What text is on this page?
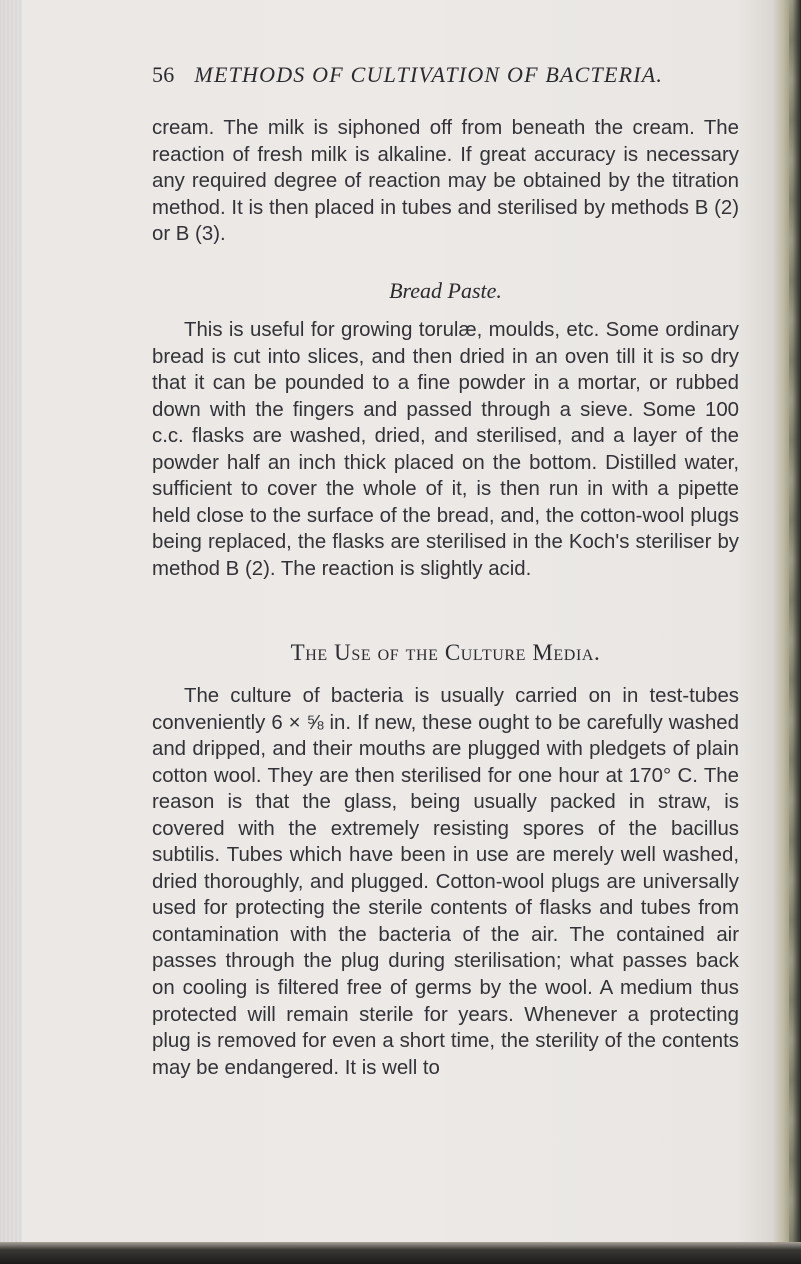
56 METHODS OF CULTIVATION OF BACTERIA.

cream. The milk is siphoned off from beneath the cream. The reaction of fresh milk is alkaline. If great accuracy is necessary any required degree of reaction may be obtained by the titration method. It is then placed in tubes and sterilised by methods B (2) or B (3).

Bread Paste.

This is useful for growing torulæ, moulds, etc. Some ordinary bread is cut into slices, and then dried in an oven till it is so dry that it can be pounded to a fine powder in a mortar, or rubbed down with the fingers and passed through a sieve. Some 100 c.c. flasks are washed, dried, and sterilised, and a layer of the powder half an inch thick placed on the bottom. Distilled water, sufficient to cover the whole of it, is then run in with a pipette held close to the surface of the bread, and, the cotton-wool plugs being replaced, the flasks are sterilised in the Koch's steriliser by method B (2). The reaction is slightly acid.

The Use of the Culture Media.

The culture of bacteria is usually carried on in test-tubes conveniently 6 × ⅝ in. If new, these ought to be carefully washed and dripped, and their mouths are plugged with pledgets of plain cotton wool. They are then sterilised for one hour at 170° C. The reason is that the glass, being usually packed in straw, is covered with the extremely resisting spores of the bacillus subtilis. Tubes which have been in use are merely well washed, dried thoroughly, and plugged. Cotton-wool plugs are universally used for protecting the sterile contents of flasks and tubes from contamination with the bacteria of the air. The contained air passes through the plug during sterilisation; what passes back on cooling is filtered free of germs by the wool. A medium thus protected will remain sterile for years. Whenever a protecting plug is removed for even a short time, the sterility of the contents may be endangered. It is well to
